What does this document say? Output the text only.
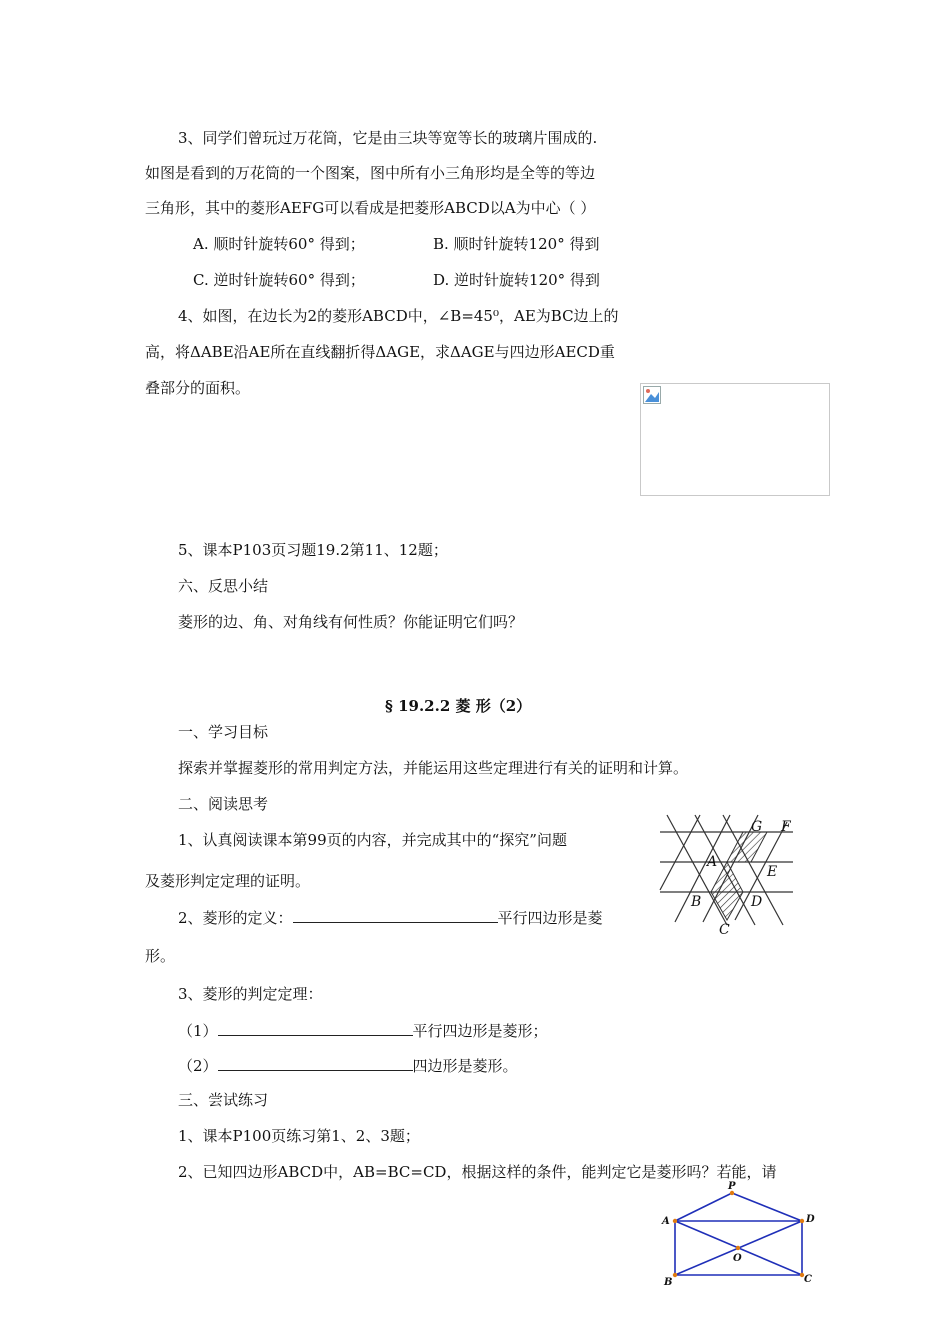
3、同学们曾玩过万花筒，它是由三块等宽等长的玻璃片围成的.
如图是看到的万花筒的一个图案，图中所有小三角形均是全等的等边
三角形，其中的菱形AEFG可以看成是把菱形ABCD以A为中心（ ）
A. 顺时针旋转60° 得到；	B. 顺时针旋转120° 得到
C. 逆时针旋转60° 得到；	D. 逆时针旋转120° 得到
4、如图，在边长为2的菱形ABCD中，∠B=45⁰，AE为BC边上的
高，将ΔABE沿AE所在直线翻折得ΔAGE，求ΔAGE与四边形AECD重
叠部分的面积。
5、课本P103页习题19.2第11、12题；
六、反思小结
菱形的边、角、对角线有何性质？你能证明它们吗？
§ 19.2.2 菱 形（2）
一、学习目标
探索并掌握菱形的常用判定方法，并能运用这些定理进行有关的证明和计算。
二、阅读思考
1、认真阅读课本第99页的内容，并完成其中的“探究”问题
及菱形判定定理的证明。
2、菱形的定义：	平行四边形是菱
形。
3、菱形的判定定理：
（1）	平行四边形是菱形；
（2）	四边形是菱形。
三、尝试练习
1、课本P100页练习第1、2、3题；
2、已知四边形ABCD中，AB=BC=CD，根据这样的条件，能判定它是菱形吗？若能，请
G F
A
E
B	D
C
P
A	D
O
B	C
